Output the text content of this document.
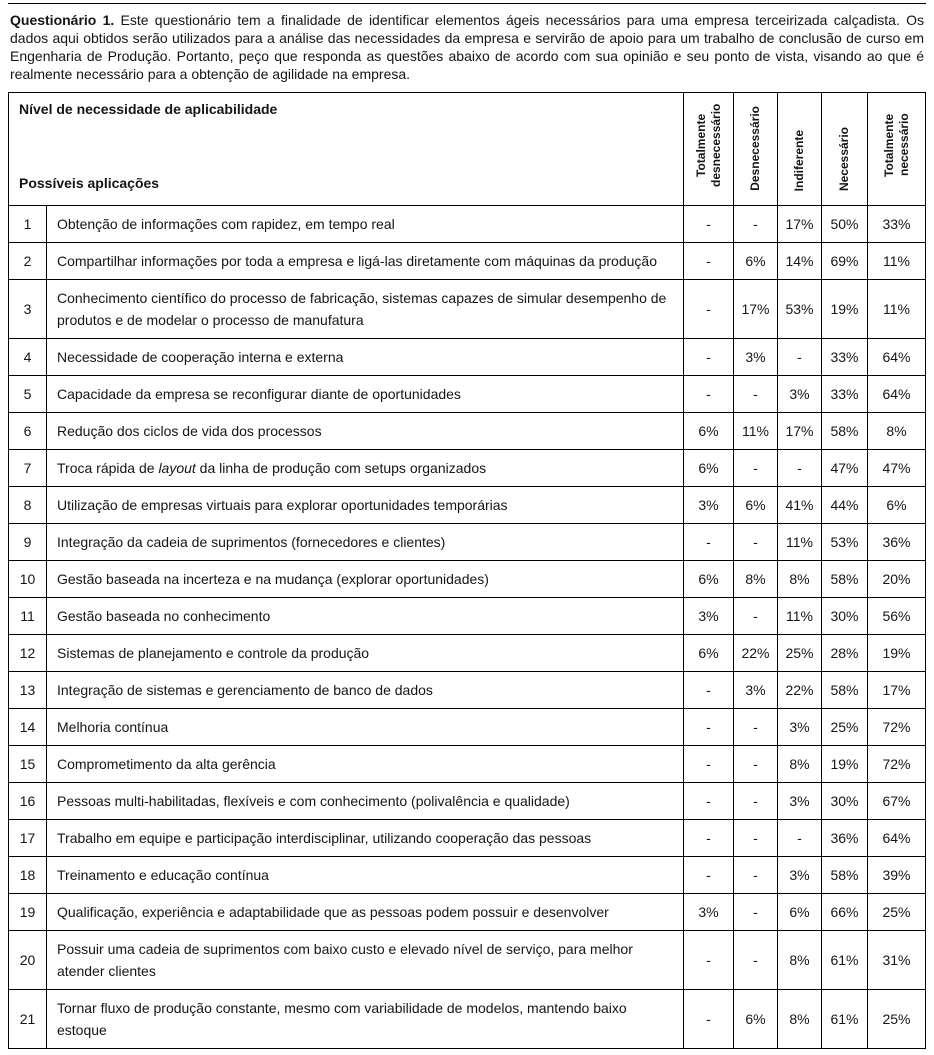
Questionário 1. Este questionário tem a finalidade de identificar elementos ágeis necessários para uma empresa terceirizada calçadista. Os dados aqui obtidos serão utilizados para a análise das necessidades da empresa e servirão de apoio para um trabalho de conclusão de curso em Engenharia de Produção. Portanto, peço que responda as questões abaixo de acordo com sua opinião e seu ponto de vista, visando ao que é realmente necessário para a obtenção de agilidade na empresa.
Nível de necessidade de aplicabilidade
Possíveis aplicações		Totalmente desnecessário	Desnecessário	Indiferente	Necessário	Totalmente necessário
1	Obtenção de informações com rapidez, em tempo real	-	-	17%	50%	33%
2	Compartilhar informações por toda a empresa e ligá-las diretamente com máquinas da produção	-	6%	14%	69%	11%
3	Conhecimento científico do processo de fabricação, sistemas capazes de simular desempenho de produtos e de modelar o processo de manufatura	-	17%	53%	19%	11%
4	Necessidade de cooperação interna e externa	-	3%	-	33%	64%
5	Capacidade da empresa se reconfigurar diante de oportunidades	-	-	3%	33%	64%
6	Redução dos ciclos de vida dos processos	6%	11%	17%	58%	8%
7	Troca rápida de layout da linha de produção com setups organizados	6%	-	-	47%	47%
8	Utilização de empresas virtuais para explorar oportunidades temporárias	3%	6%	41%	44%	6%
9	Integração da cadeia de suprimentos (fornecedores e clientes)	-	-	11%	53%	36%
10	Gestão baseada na incerteza e na mudança (explorar oportunidades)	6%	8%	8%	58%	20%
11	Gestão baseada no conhecimento	3%	-	11%	30%	56%
12	Sistemas de planejamento e controle da produção	6%	22%	25%	28%	19%
13	Integração de sistemas e gerenciamento de banco de dados	-	3%	22%	58%	17%
14	Melhoria contínua	-	-	3%	25%	72%
15	Comprometimento da alta gerência	-	-	8%	19%	72%
16	Pessoas multi-habilitadas, flexíveis e com conhecimento (polivalência e qualidade)	-	-	3%	30%	67%
17	Trabalho em equipe e participação interdisciplinar, utilizando cooperação das pessoas	-	-	-	36%	64%
18	Treinamento e educação contínua	-	-	3%	58%	39%
19	Qualificação, experiência e adaptabilidade que as pessoas podem possuir e desenvolver	3%	-	6%	66%	25%
20	Possuir uma cadeia de suprimentos com baixo custo e elevado nível de serviço, para melhor atender clientes	-	-	8%	61%	31%
21	Tornar fluxo de produção constante, mesmo com variabilidade de modelos, mantendo baixo estoque	-	6%	8%	61%	25%
